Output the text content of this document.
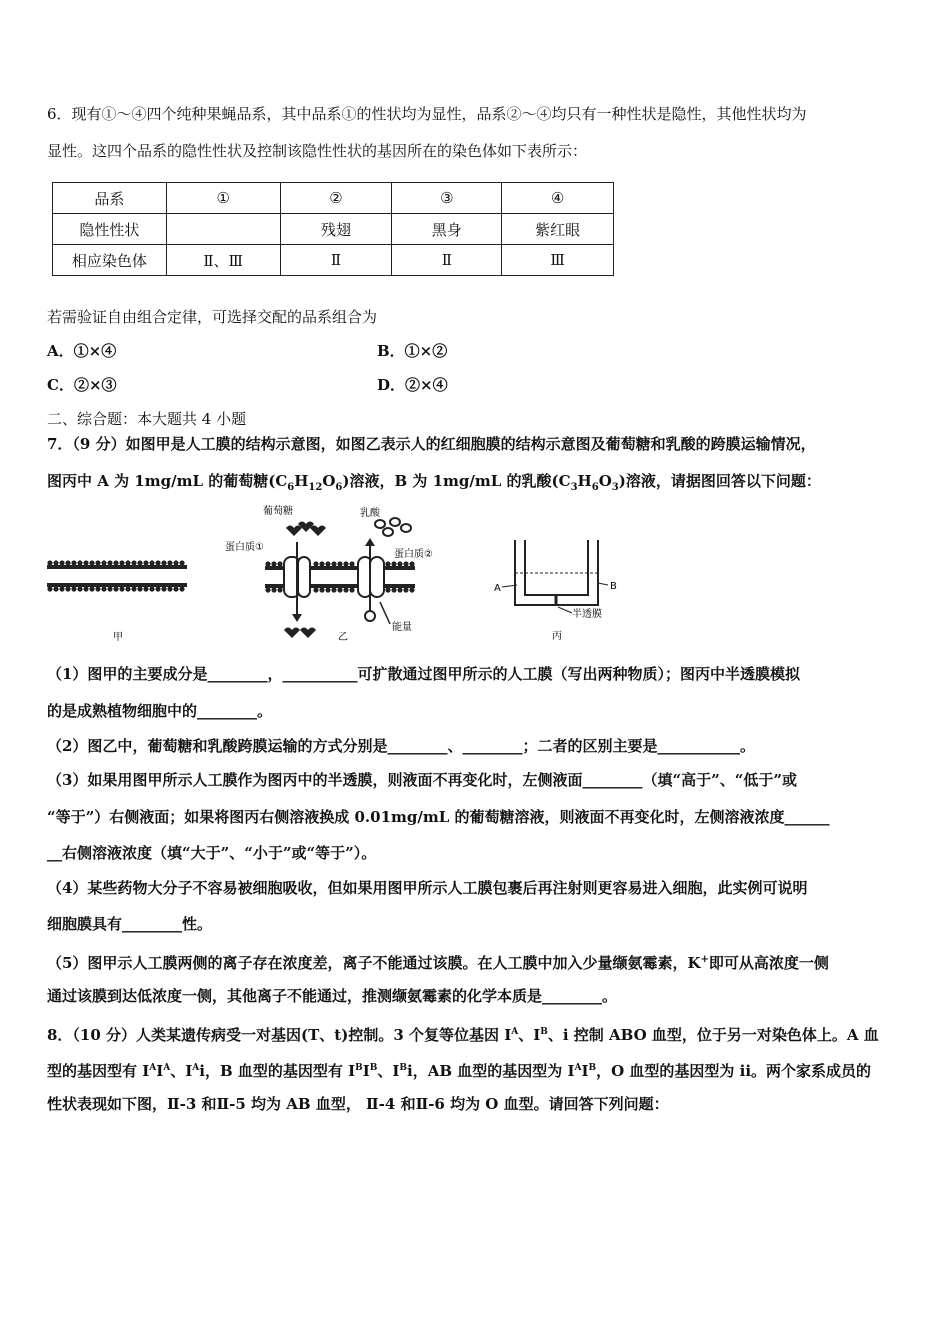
6．现有①～④四个纯种果蝇品系，其中品系①的性状均为显性，品系②～④均只有一种性状是隐性，其他性状均为
显性。这四个品系的隐性性状及控制该隐性性状的基因所在的染色体如下表所示：
品系	①	②	③	④
隐性性状		残翅	黑身	紫红眼
相应染色体	Ⅱ、Ⅲ	Ⅱ	Ⅱ	Ⅲ
若需验证自由组合定律，可选择交配的品系组合为
A．①×④	B．①×②
C．②×③	D．②×④
二、综合题：本大题共 4 小题
7．（9 分）如图甲是人工膜的结构示意图，如图乙表示人的红细胞膜的结构示意图及葡萄糖和乳酸的跨膜运输情况，
图丙中 A 为 1mg/mL 的葡萄糖$(C_6H_{12}O_6)$溶液，B 为 1mg/mL 的乳酸$(C_3H_6O_3)$溶液，请据图回答以下问题：
甲
葡萄糖	乳酸
蛋白质①
蛋白质②
能量
乙
A	B
半透膜
丙
（1）图甲的主要成分是________，__________可扩散通过图甲所示的人工膜（写出两种物质）；图丙中半透膜模拟
的是成熟植物细胞中的________。
（2）图乙中，葡萄糖和乳酸跨膜运输的方式分别是________、________；二者的区别主要是___________。
（3）如果用图甲所示人工膜作为图丙中的半透膜，则液面不再变化时，左侧液面________（填“高于”、“低于”或
“等于”）右侧液面；如果将图丙右侧溶液换成 0.01mg/mL 的葡萄糖溶液，则液面不再变化时，左侧溶液浓度______
__右侧溶液浓度（填“大于”、“小于”或“等于”）。
（4）某些药物大分子不容易被细胞吸收，但如果用图甲所示人工膜包裹后再注射则更容易进入细胞，此实例可说明
细胞膜具有________性。
（5）图甲示人工膜两侧的离子存在浓度差，离子不能通过该膜。在人工膜中加入少量缬氨霉素，K+即可从高浓度一侧
通过该膜到达低浓度一侧，其他离子不能通过，推测缬氨霉素的化学本质是________。
8．（10 分）人类某遗传病受一对基因(T、t)控制。3 个复等位基因 $I^A$、$I^B$、i 控制 ABO 血型，位于另一对染色体上。A 血
型的基因型有 $I^AI^A$、$I^Ai$，B 血型的基因型有 $I^BI^B$、$I^Bi$，AB 血型的基因型为 $I^AI^B$，O 血型的基因型为 ii。两个家系成员的
性状表现如下图，Ⅱ-3 和Ⅱ-5 均为 AB 血型， Ⅱ-4 和Ⅱ-6 均为 O 血型。请回答下列问题：
